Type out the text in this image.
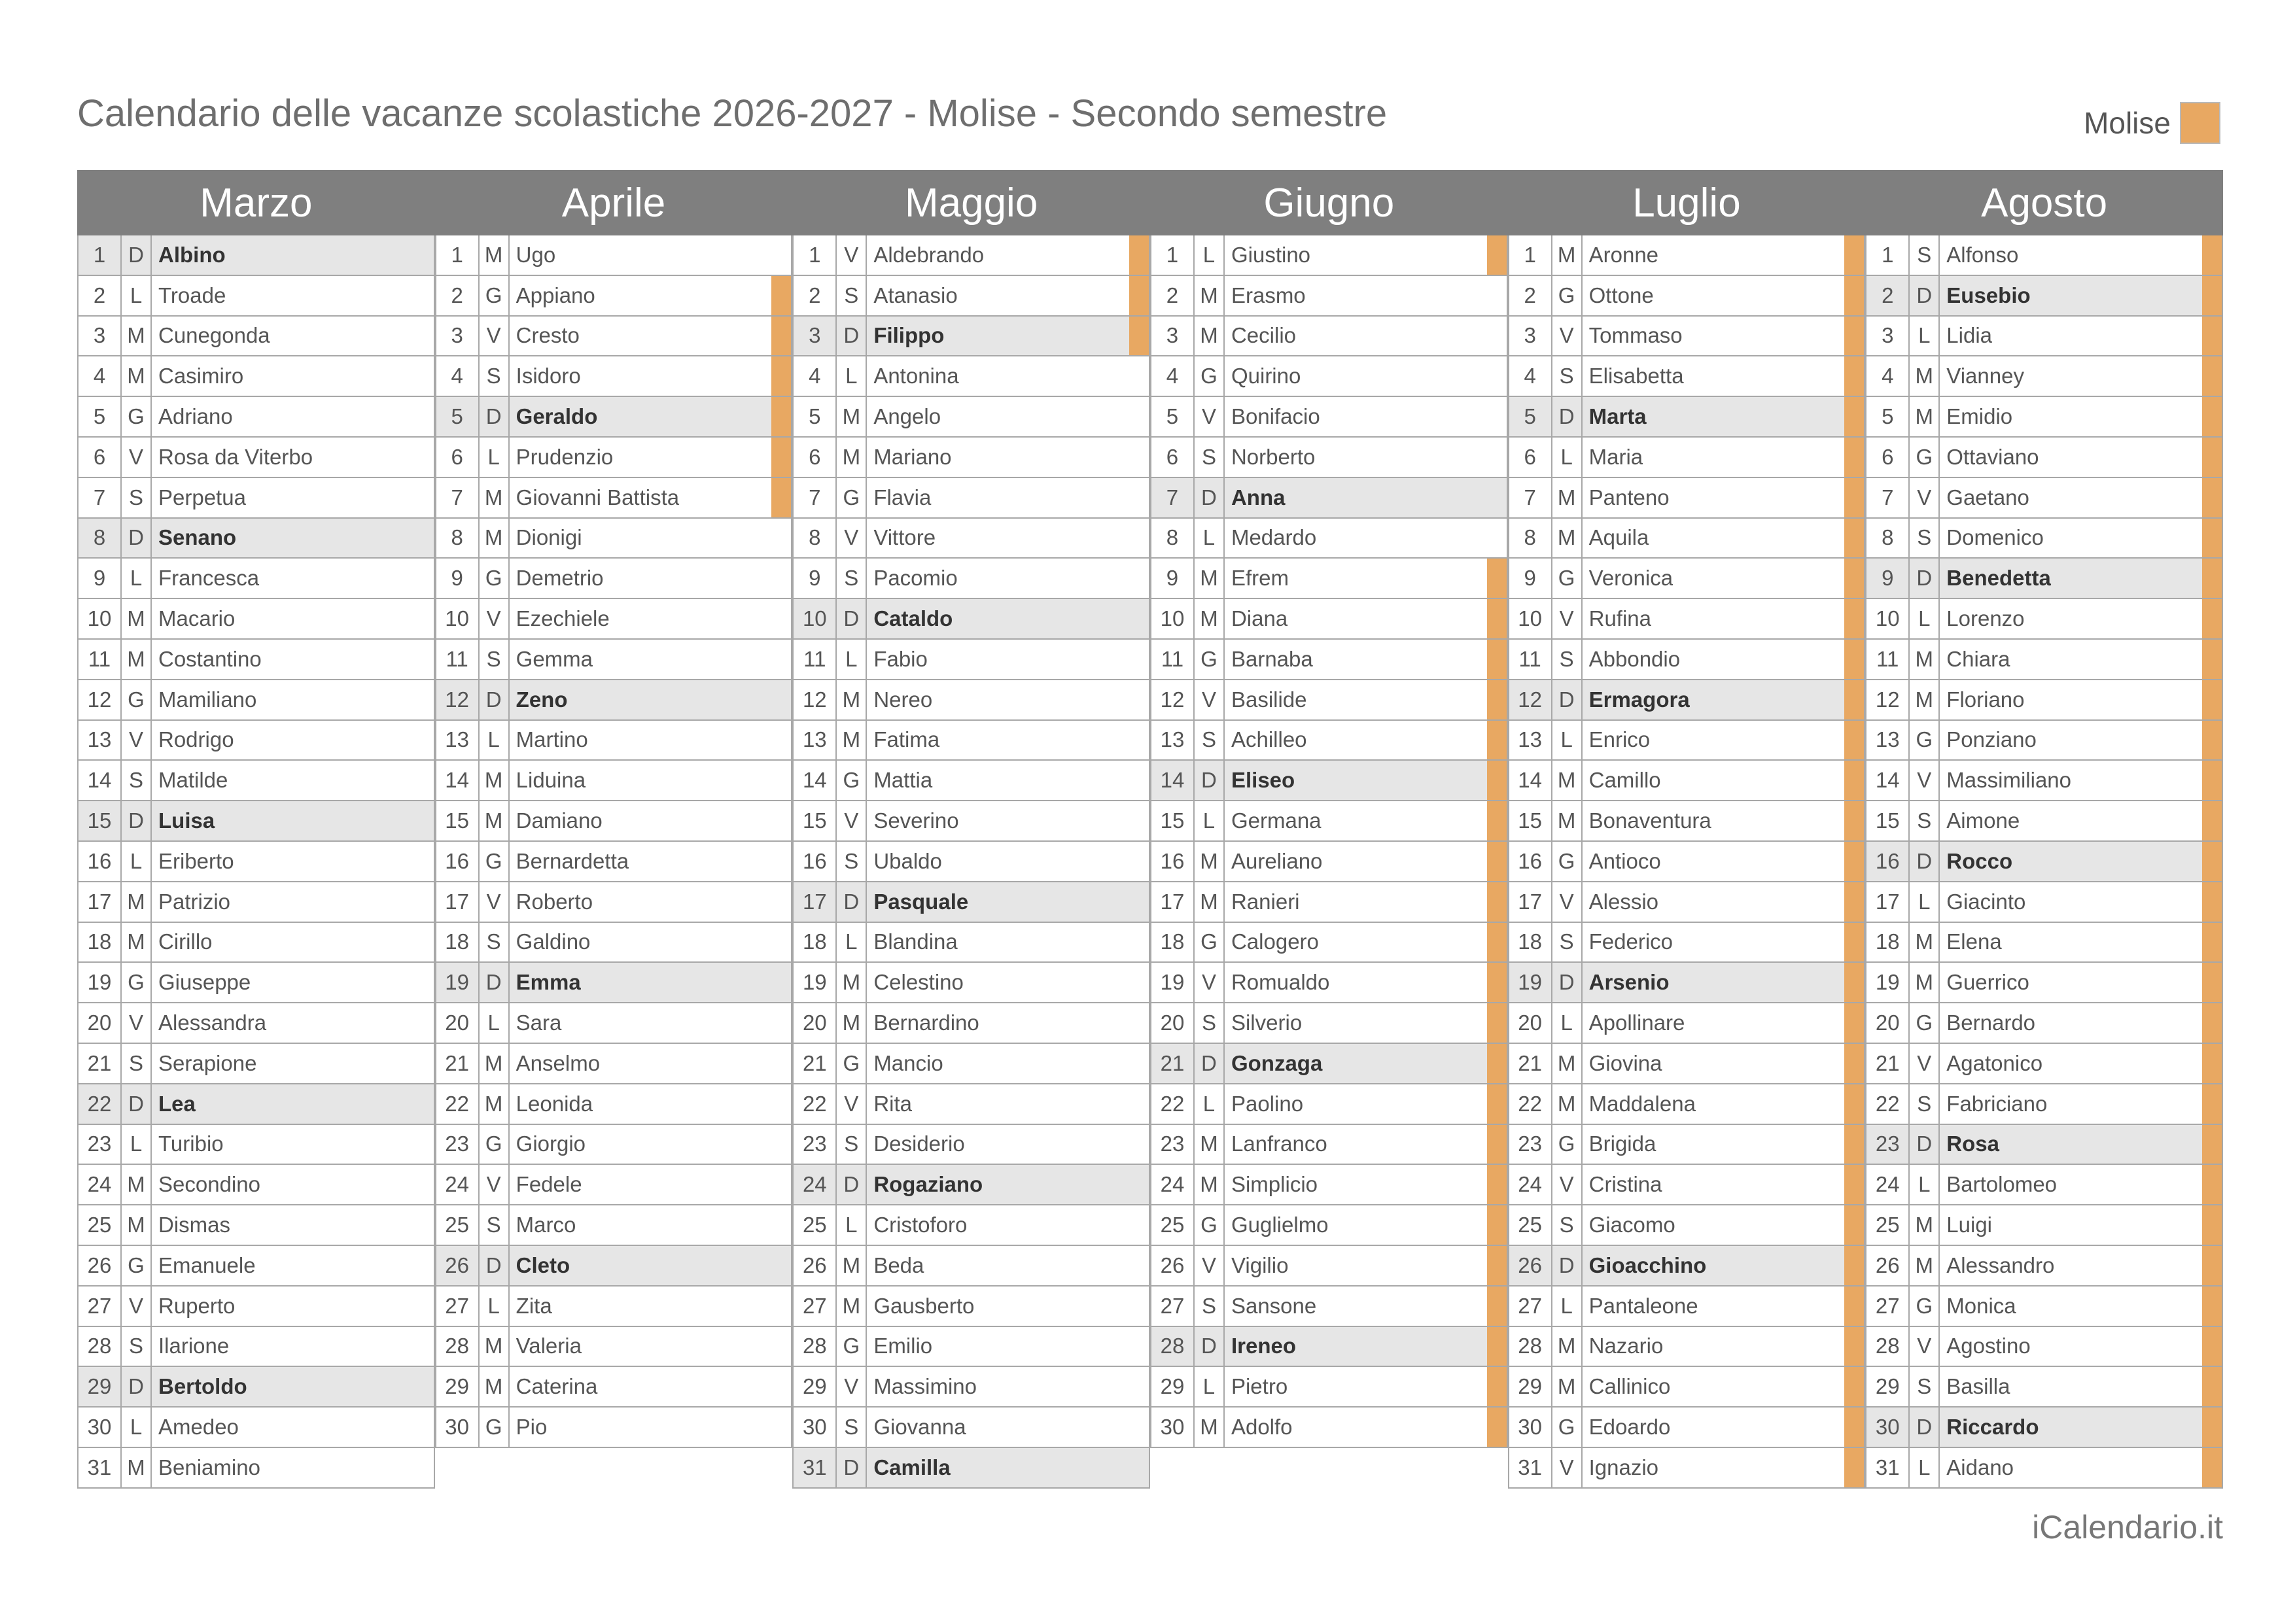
Calendario delle vacanze scolastiche 2026-2027 - Molise - Secondo semestre	Molise
Marzo	Aprile	Maggio	Giugno	Luglio	Agosto
1	D Albino
2	L Troade
3	M Cunegonda
4	M Casimiro
5	G Adriano
6	V Rosa da Viterbo
7	S Perpetua
8	D Senano
9	L Francesca
10 M Macario
11 M Costantino
12 G Mamiliano
13 V Rodrigo
14 S Matilde
15 D Luisa
16 L Eriberto
17 M Patrizio
18 M Cirillo
19 G Giuseppe
20 V Alessandra
21 S Serapione
22 D Lea
23 L Turibio
24 M Secondino
25 M Dismas
26 G Emanuele
27 V Ruperto
28 S Ilarione
29 D Bertoldo
30 L Amedeo
31 M Beniamino
1	M Ugo
2	G Appiano
3	V Cresto
4	S Isidoro
5	D Geraldo
6	L Prudenzio
7	M Giovanni Battista
8	M Dionigi
9	G Demetrio
10 V Ezechiele
11 S Gemma
12 D Zeno
13 L Martino
14 M Liduina
15 M Damiano
16 G Bernardetta
17 V Roberto
18 S Galdino
19 D Emma
20 L Sara
21 M Anselmo
22 M Leonida
23 G Giorgio
24 V Fedele
25 S Marco
26 D Cleto
27 L Zita
28 M Valeria
29 M Caterina
30 G Pio
1	V Aldebrando
2	S Atanasio
3	D Filippo
4	L Antonina
5	M Angelo
6	M Mariano
7	G Flavia
8	V Vittore
9	S Pacomio
10 D Cataldo
11 L Fabio
12 M Nereo
13 M Fatima
14 G Mattia
15 V Severino
16 S Ubaldo
17 D Pasquale
18 L Blandina
19 M Celestino
20 M Bernardino
21 G Mancio
22 V Rita
23 S Desiderio
24 D Rogaziano
25 L Cristoforo
26 M Beda
27 M Gausberto
28 G Emilio
29 V Massimino
30 S Giovanna
31 D Camilla
1	L Giustino
2	M Erasmo
3	M Cecilio
4	G Quirino
5	V Bonifacio
6	S Norberto
7	D Anna
8	L Medardo
9	M Efrem
10 M Diana
11 G Barnaba
12 V Basilide
13 S Achilleo
14 D Eliseo
15 L Germana
16 M Aureliano
17 M Ranieri
18 G Calogero
19 V Romualdo
20 S Silverio
21 D Gonzaga
22 L Paolino
23 M Lanfranco
24 M Simplicio
25 G Guglielmo
26 V Vigilio
27 S Sansone
28 D Ireneo
29 L Pietro
30 M Adolfo
1	M Aronne
2	G Ottone
3	V Tommaso
4	S Elisabetta
5	D Marta
6	L Maria
7	M Panteno
8	M Aquila
9	G Veronica
10 V Rufina
11 S Abbondio
12 D Ermagora
13 L Enrico
14 M Camillo
15 M Bonaventura
16 G Antioco
17 V Alessio
18 S Federico
19 D Arsenio
20 L Apollinare
21 M Giovina
22 M Maddalena
23 G Brigida
24 V Cristina
25 S Giacomo
26 D Gioacchino
27 L Pantaleone
28 M Nazario
29 M Callinico
30 G Edoardo
31 V Ignazio
1	S Alfonso
2	D Eusebio
3	L Lidia
4	M Vianney
5	M Emidio
6	G Ottaviano
7	V Gaetano
8	S Domenico
9	D Benedetta
10 L Lorenzo
11 M Chiara
12 M Floriano
13 G Ponziano
14 V Massimiliano
15 S Aimone
16 D Rocco
17 L Giacinto
18 M Elena
19 M Guerrico
20 G Bernardo
21 V Agatonico
22 S Fabriciano
23 D Rosa
24 L Bartolomeo
25 M Luigi
26 M Alessandro
27 G Monica
28 V Agostino
29 S Basilla
30 D Riccardo
31 L Aidano
iCalendario.it
